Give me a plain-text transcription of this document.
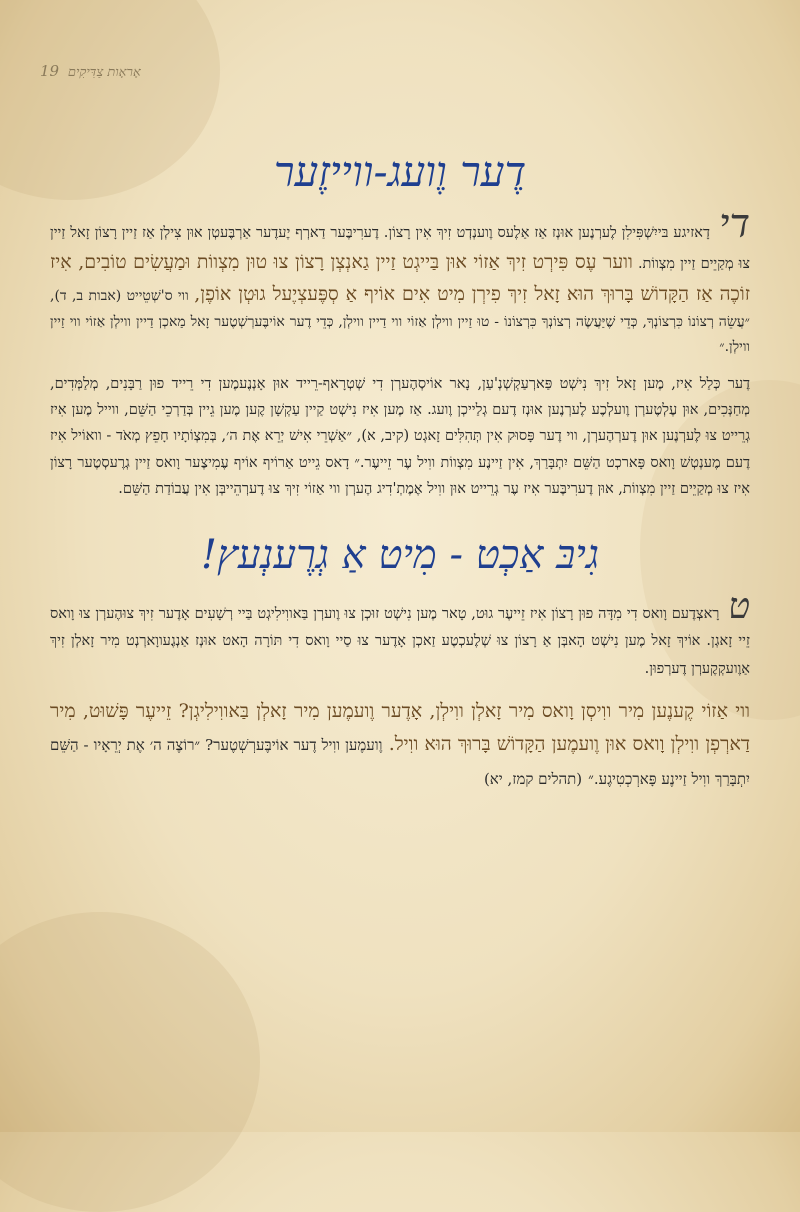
19 אָראָות צַדִּיקִים
דֶער וֶועג-ווייזֶער

די דָאזיגע בּייִשְׁפִּילִן לֶערְנֶען אוּנְז אַז אַלֶעס וֶוענְדְט זִיךְ אִין רָצוֹן. דֶערִיבֶּער דַארְף יֶעדֶער אַרְבֶּעטְן אוּן צִילְן אַז זַיין רָצוֹן זָאל זַיין צוּ מְקַיֵים זַיין מִצְווֹת. ווער עֶס פִּירְט זִיךְ אַזוֹי אוּן בַּייגְט זַיין גַאנְצְן רָצוֹן צוּ טוּן מִצְווֹת וּמַעֲשִׂים טוֹבִים, אִיז זוֹכֶה אַז הַקָּדוֹשׁ בָּרוּךְ הוּא זָאל זִיךְ פִירְן מִיט אִים אוֹיף אַ סְפֶּעצְיֶעל גוּטְן אוֹפֶן, ווי ס'שְׁטֵייט (אבות ב, ד), ״עֲשֵׂה רְצוֹנוֹ כִּרְצוֹנְךָ, כְּדֵי שֶׁיַּעֲשֶׂה רְצוֹנְךָ כִּרְצוֹנוֹ - טוּ זַיין ווילְן אַזוֹי ווי דַיין ווילְן, כְּדֵי דֶער אוֹיבֶּערְשְׁטֶער זָאל מַאכְן דַיין ווילְן אַזוֹי ווי זַיין ווילְן.״

דֶער כְּלַל אִיז, מֶען זָאל זִיךְ נִישְׁט פַּארְעַקְשְׁנְ'עַן, נָאר אוֹיסְהֶערְן דִי שְׁטְרָאף-רֵייד אוּן אָנְנֶעמֶען דִי רֵייד פוּן רַבָּנִים, מְלַמְּדִים, מְחַנְּכִים, אוּן עֶלְטֶערְן וֶועלְכֶע לֶערְנֶען אוּנְז דֶעם גְלַייכְן וֶועג. אַז מֶען אִיז נִישְׁט קַיין עַקְשָׁן קֶען מֶען גֵיין בְּדַרְכֵי הַשֵּׁם, ווייל מֶען אִיז גְרֵייט צוּ לֶערְנֶען אוּן דֶערְהֶערְן, ווי דֶער פָּסוּק אִין תְּהִלִּים זָאגְט (קיב, א), ״אַשְׁרֵי אִישׁ יְרֵא אֶת ה׳, בְּמִצְוֹתָיו חָפֵץ מְאֹד - וואוֹיל אִיז דֶעם מֶענְטְשׁ וָואס פָּארכְט הַשֵּׁם יִתְבָּרַךְ, אִין זַיינֶע מִצְווֹת ווִיל עֶר זֵייעֶר.״ דָאס גֵייט אַרוֹיף אוֹיף עֶמִיצֶער וָואס זַיין גְרֶעסְטֶער רָצוֹן אִיז צוּ מְקַיֵים זַיין מִצְווֹת, אוּן דֶערִיבֶּער אִיז עֶר גְרֵייט אוּן ווִיל אֶמֶתְ'דִיג הֶערְן ווי אַזוֹי זִיךְ צוּ דֶערְהֵייבְּן אִין עֲבוֹדַת הַשֵּׁם.

גִיבּ אַכְט - מִיט אַ גְרֶענְעץ!

ט רָאצְדֶעם וָואס דִי מִדָּה פוּן רָצוֹן אִיז זֵייעֶר גוּט, טָאר מֶען נִישְׁט זוּכְן צוּ וֶוערְן בַּאווִילִיגְט בַּיי רְשָׁעִים אָדֶער זִיךְ צוּהֶערְן צוּ וָואס זֵיי זָאגְן. אוֹיךְ זָאל מֶען נִישְׁט הָאבְּן אַ רָצוֹן צוּ שְׁלֶעכְטֶע זַאכְן אָדֶער צוּ סַיי וָואס דִי תּוֹרָה הָאט אוּנְז אַנְגֶעווָארְנְט מִיר זָאלְן זִיךְ אַוֶועקְקֶערְן דֶערְפוּן.

ווי אַזוֹי קֶענֶען מִיר ווִיסְן וָואס מִיר זָאלְן ווִילְן, אָדֶער וֶועמֶען מִיר זָאלְן בַּאווִילִיגְן? זֵייעֶר פָּשׁוּט, מִיר דַארְפְן ווִילְן וָואס אוּן וֶועמֶען הַקָּדוֹשׁ בָּרוּךְ הוּא ווִיל. וֶועמֶען ווִיל דֶער אוֹיבֶּערְשְׁטֶער? ״רוֹצֶה ה׳ אֶת יְרֵאָיו - הַשֵּׁם יִתְבָּרַךְ ווִיל זַיינֶע פָּארְכְטִיגֶע.״ (תהלים קמז, יא)
